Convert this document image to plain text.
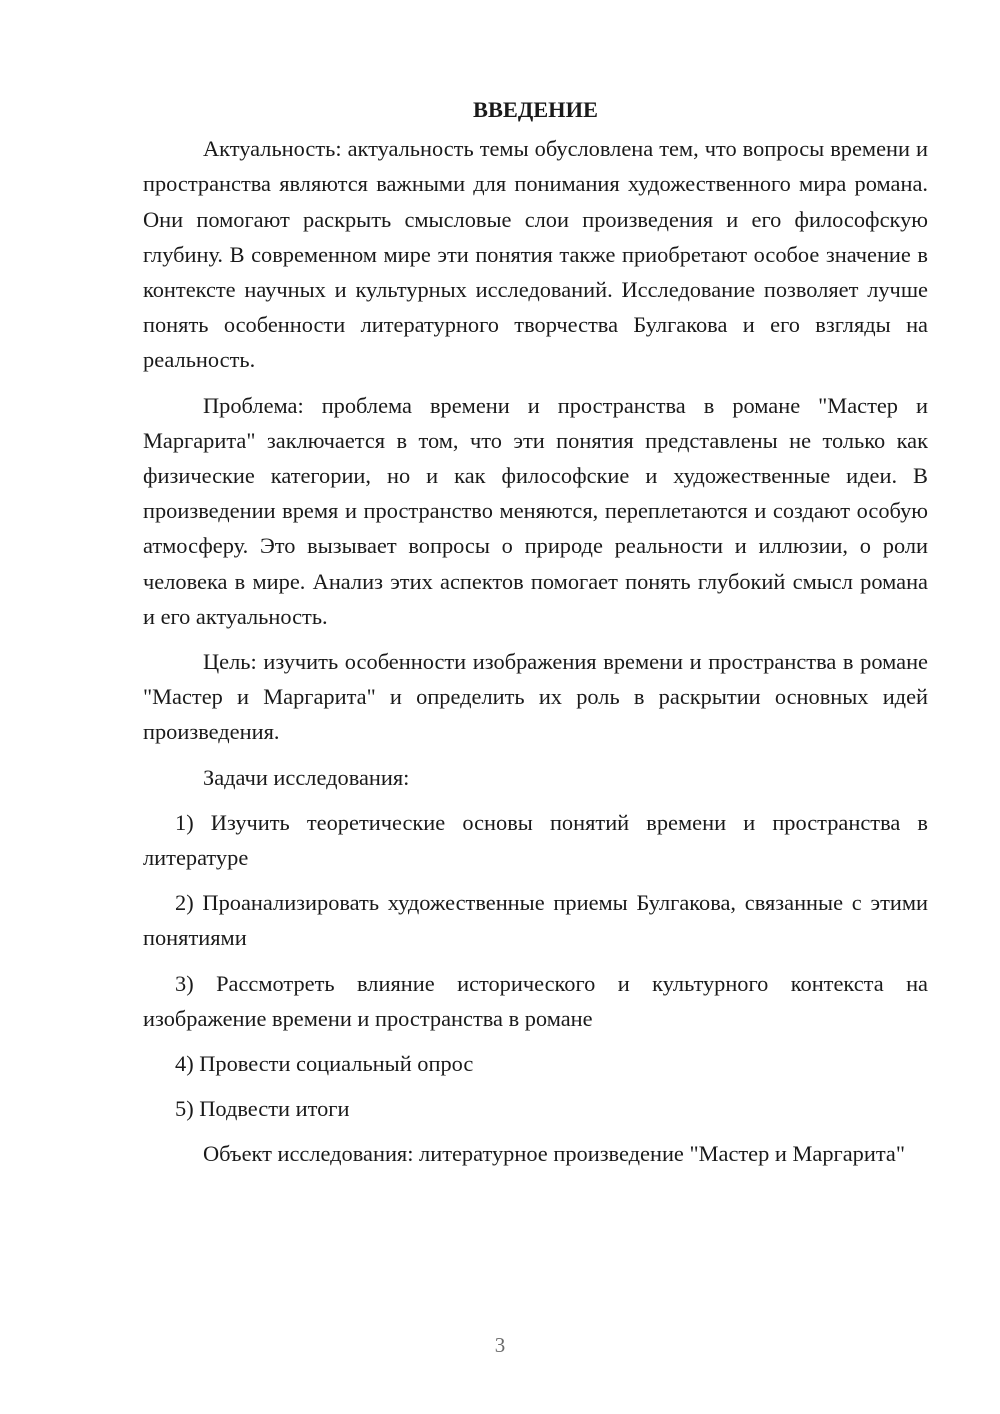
ВВЕДЕНИЕ

Актуальность: актуальность темы обусловлена тем, что вопросы времени и пространства являются важными для понимания художественного мира романа. Они помогают раскрыть смысловые слои произведения и его философскую глубину. В современном мире эти понятия также приобретают особое значение в контексте научных и культурных исследований. Исследование позволяет лучше понять особенности литературного творчества Булгакова и его взгляды на реальность.

Проблема: проблема времени и пространства в романе "Мастер и Маргарита" заключается в том, что эти понятия представлены не только как физические категории, но и как философские и художественные идеи. В произведении время и пространство меняются, переплетаются и создают особую атмосферу. Это вызывает вопросы о природе реальности и иллюзии, о роли человека в мире. Анализ этих аспектов помогает понять глубокий смысл романа и его актуальность.

Цель: изучить особенности изображения времени и пространства в романе "Мастер и Маргарита" и определить их роль в раскрытии основных идей произведения.

Задачи исследования:

1) Изучить теоретические основы понятий времени и пространства в литературе

2) Проанализировать художественные приемы Булгакова, связанные с этими понятиями

3) Рассмотреть влияние исторического и культурного контекста на изображение времени и пространства в романе

4) Провести социальный опрос

5) Подвести итоги

Объект исследования: литературное произведение "Мастер и Маргарита"

3
